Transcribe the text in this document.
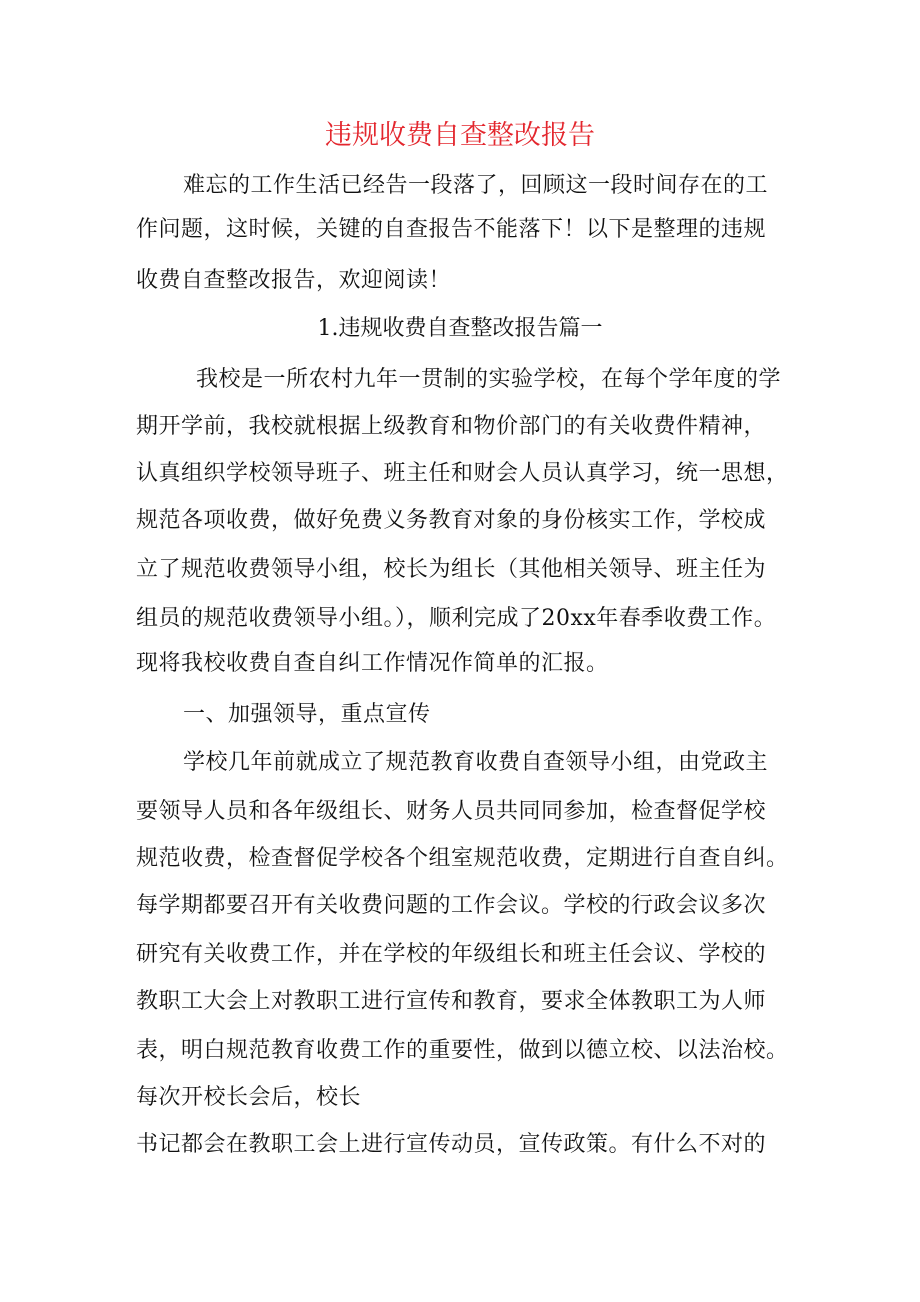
违规收费自查整改报告
难忘的工作生活已经告一段落了，回顾这一段时间存在的工
作问题，这时候，关键的自查报告不能落下！以下是整理的违规
收费自查整改报告，欢迎阅读！
1.违规收费自查整改报告篇一
我校是一所农村九年一贯制的实验学校，在每个学年度的学
期开学前，我校就根据上级教育和物价部门的有关收费件精神，
认真组织学校领导班子、班主任和财会人员认真学习，统一思想，
规范各项收费，做好免费义务教育对象的身份核实工作，学校成
立了规范收费领导小组，校长为组长（其他相关领导、班主任为
组员的规范收费领导小组。），顺利完成了20xx年春季收费工作。
现将我校收费自查自纠工作情况作简单的汇报。
一、加强领导，重点宣传
学校几年前就成立了规范教育收费自查领导小组，由党政主
要领导人员和各年级组长、财务人员共同同参加，检查督促学校
规范收费，检查督促学校各个组室规范收费，定期进行自查自纠。
每学期都要召开有关收费问题的工作会议。学校的行政会议多次
研究有关收费工作，并在学校的年级组长和班主任会议、学校的
教职工大会上对教职工进行宣传和教育，要求全体教职工为人师
表，明白规范教育收费工作的重要性，做到以德立校、以法治校。
每次开校长会后，校长
书记都会在教职工会上进行宣传动员，宣传政策。有什么不对的
